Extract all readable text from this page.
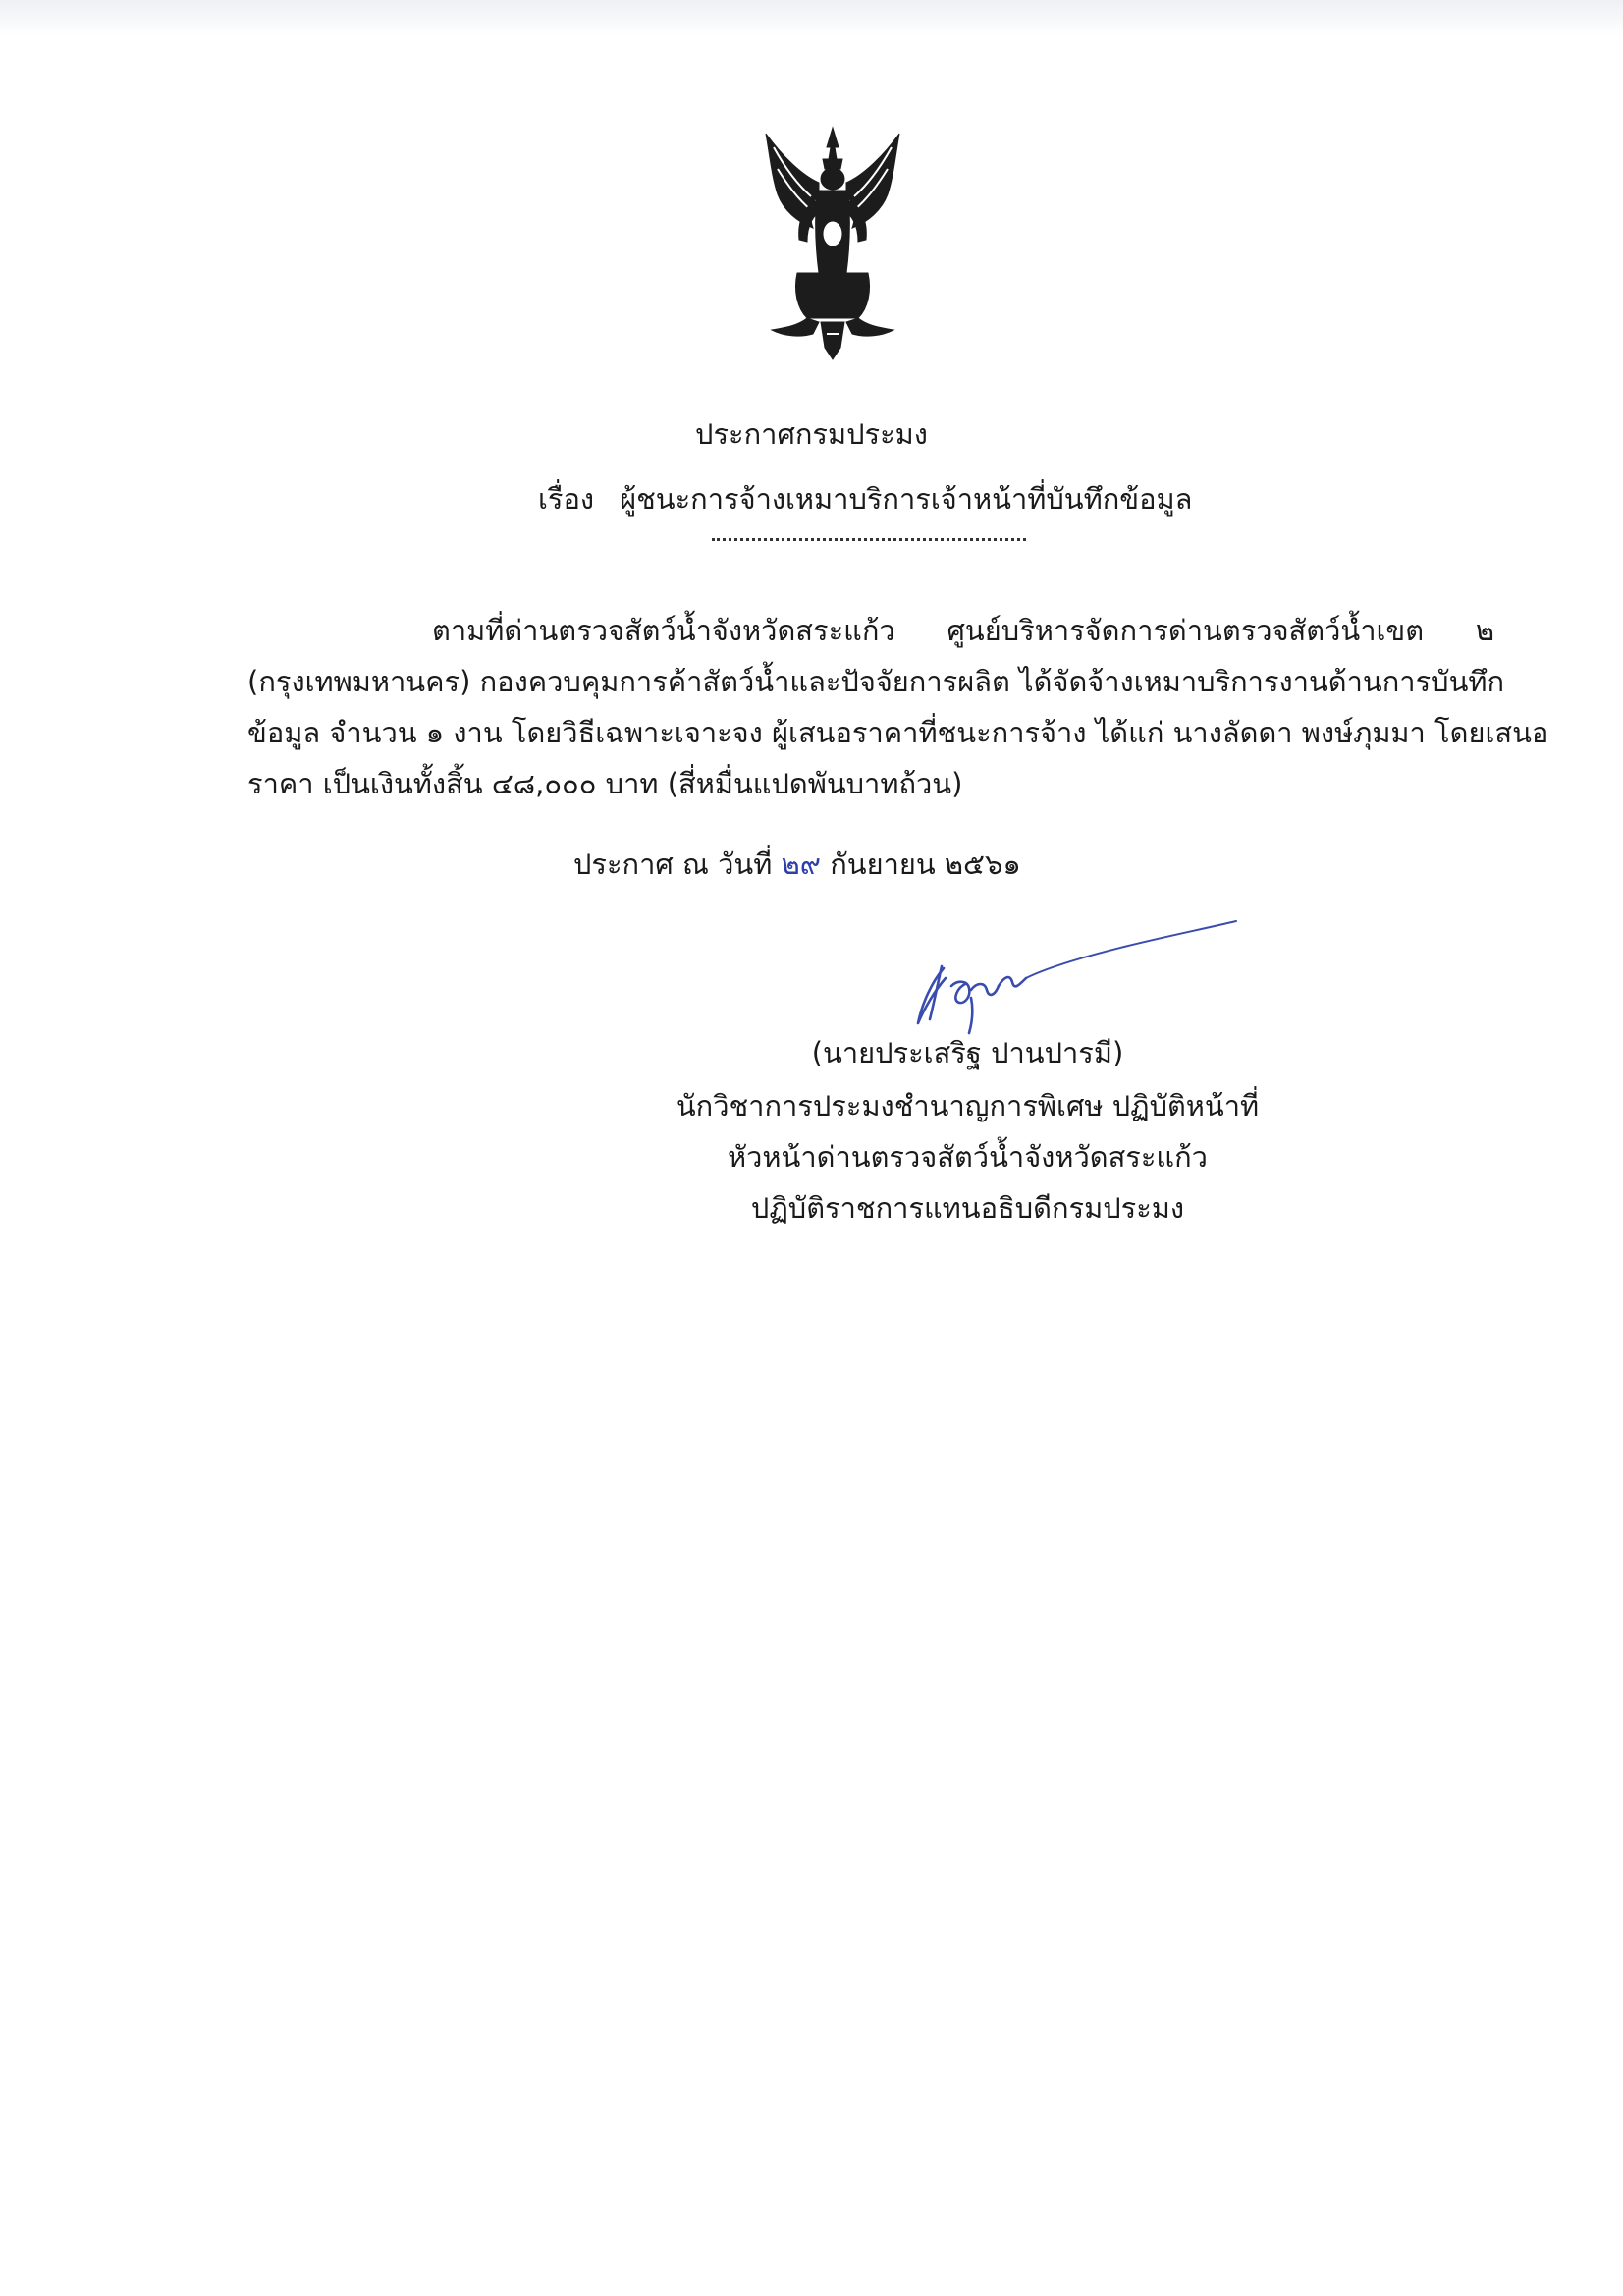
ประกาศกรมประมง
เรื่อง ผู้ชนะการจ้างเหมาบริการเจ้าหน้าที่บันทึกข้อมูล
ตามที่ด่านตรวจสัตว์น้ำจังหวัดสระแก้ว ศูนย์บริหารจัดการด่านตรวจสัตว์น้ำเขต ๒
(กรุงเทพมหานคร) กองควบคุมการค้าสัตว์น้ำและปัจจัยการผลิต ได้จัดจ้างเหมาบริการงานด้านการบันทึก
ข้อมูล จำนวน ๑ งาน โดยวิธีเฉพาะเจาะจง ผู้เสนอราคาที่ชนะการจ้าง ได้แก่ นางลัดดา พงษ์ภุมมา โดยเสนอ
ราคา เป็นเงินทั้งสิ้น ๔๘,๐๐๐ บาท (สี่หมื่นแปดพันบาทถ้วน)
ประกาศ ณ วันที่ ๒๙ กันยายน ๒๕๖๑
(นายประเสริฐ ปานปารมี)
นักวิชาการประมงชำนาญการพิเศษ ปฏิบัติหน้าที่
หัวหน้าด่านตรวจสัตว์น้ำจังหวัดสระแก้ว
ปฏิบัติราชการแทนอธิบดีกรมประมง
